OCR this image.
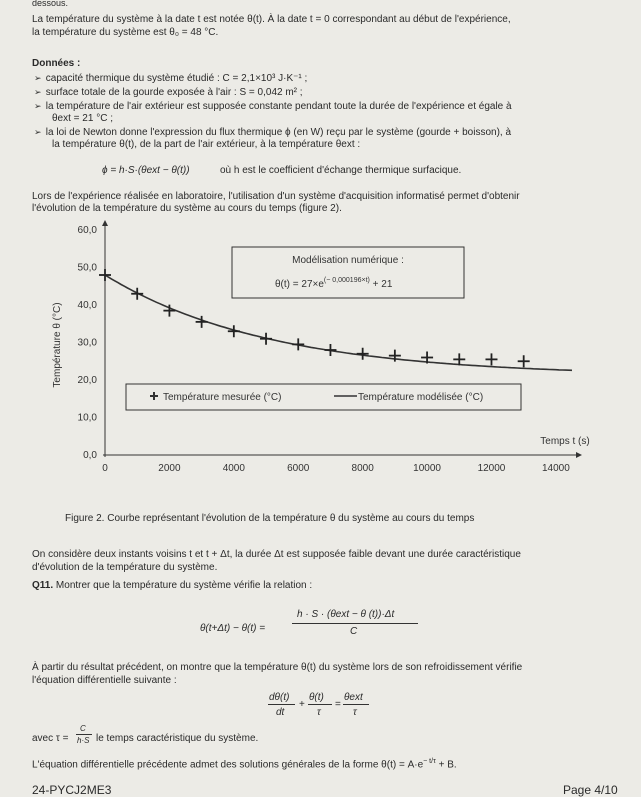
dessous.
La température du système à la date t est notée θ(t). À la date t = 0 correspondant au début de l'expérience,
la température du système est θ₀ = 48 °C.
Données :
➢ capacité thermique du système étudié : C = 2,1×10³ J·K⁻¹ ;
➢ surface totale de la gourde exposée à l'air : S = 0,042 m² ;
➢ la température de l'air extérieur est supposée constante pendant toute la durée de l'expérience et égale à
θext = 21 °C ;
➢ la loi de Newton donne l'expression du flux thermique ϕ (en W) reçu par le système (gourde + boisson), à
la température θ(t), de la part de l'air extérieur, à la température θext :
ϕ = h·S·(θext − θ(t))	où h est le coefficient d'échange thermique surfacique.
Lors de l'expérience réalisée en laboratoire, l'utilisation d'un système d'acquisition informatisé permet d'obtenir
l'évolution de la température du système au cours du temps (figure 2).
0,0
10,0
20,0
30,0
40,0
50,0
60,0
0	2000	4000	6000	8000	10000	12000	14000
Température θ (°C)
Temps t (s)
Modélisation numérique :
$\theta(t) = 27\times e^{(- 0,000196\times t)} + 21$
Température mesurée (°C)	Température modélisée (°C)
Figure 2. Courbe représentant l'évolution de la température θ du système au cours du temps
On considère deux instants voisins t et t + Δt, la durée Δt est supposée faible devant une durée caractéristique
d'évolution de la température du système.
Q11. Montrer que la température du système vérifie la relation :
θ(t+Δt) − θ(t) =
h · S · (θext − θ (t))·Δt
C
À partir du résultat précédent, on montre que la température θ(t) du système lors de son refroidissement vérifie
l'équation différentielle suivante :
dθ(t)
dt
+
θ(t)
τ
=
θext
τ
avec τ =
C
h·S le temps caractéristique du système.
L'équation différentielle précédente admet des solutions générales de la forme $\theta(t) = A\cdot e^{- t/\tau} + B$.
24-PYCJ2ME3	Page 4/10
